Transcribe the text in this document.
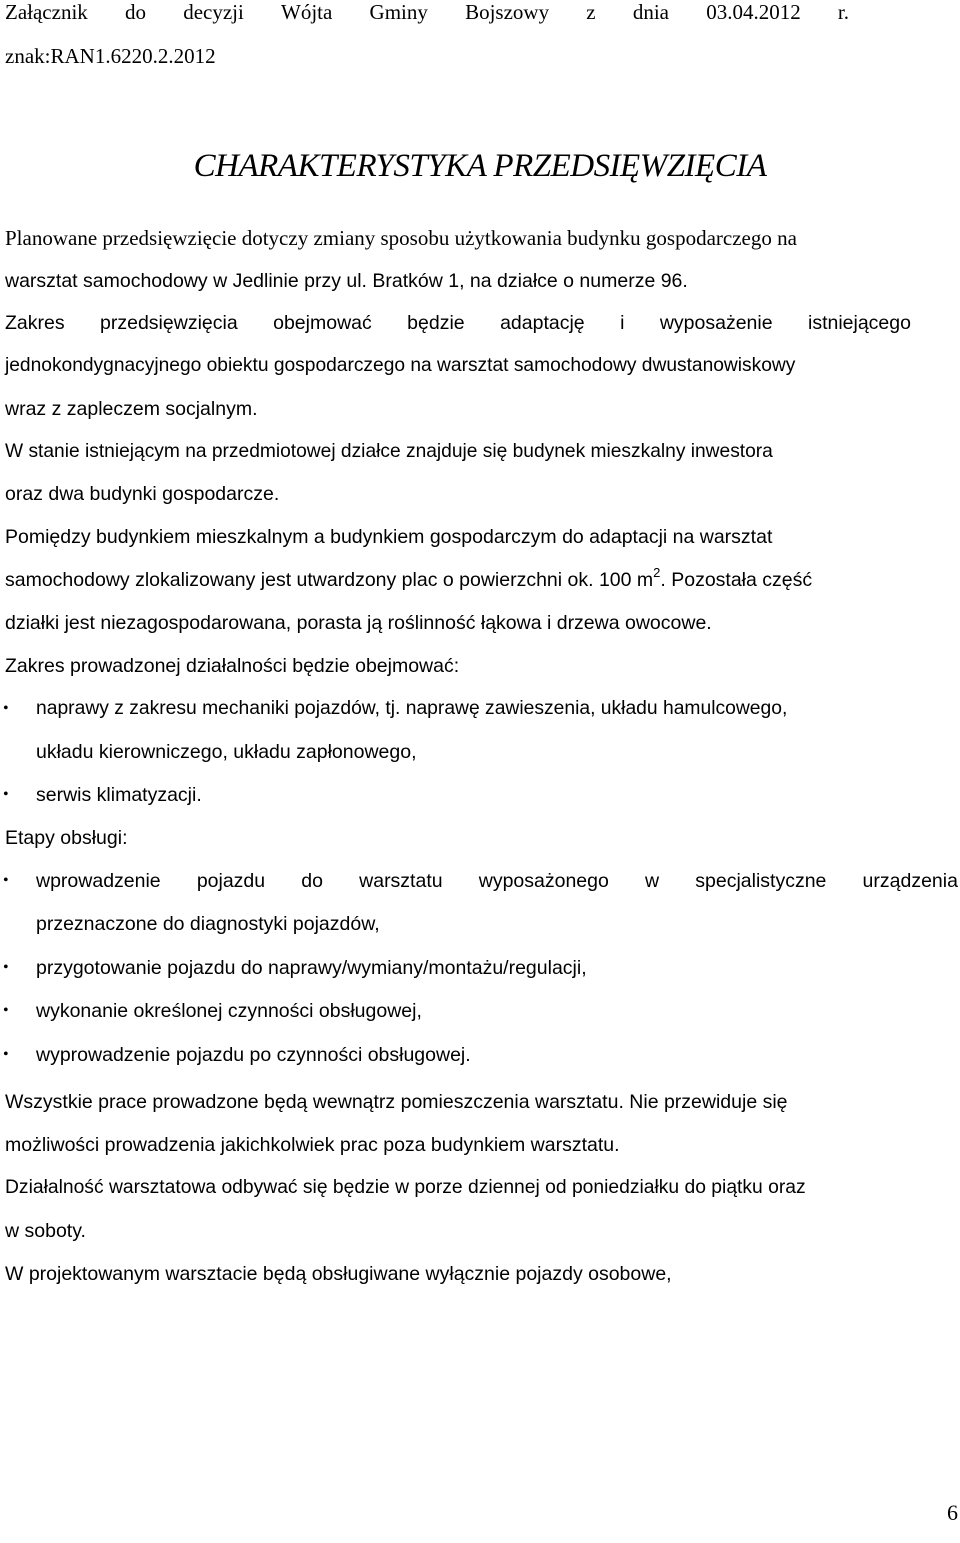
Załącznik do decyzji Wójta Gminy Bojszowy z dnia 03.04.2012 r.
znak:RAN1.6220.2.2012
CHARAKTERYSTYKA PRZEDSIĘWZIĘCIA
Planowane przedsięwzięcie dotyczy zmiany sposobu użytkowania budynku gospodarczego na
warsztat samochodowy w Jedlinie przy ul. Bratków 1, na działce o numerze 96.
Zakres przedsięwzięcia obejmować będzie adaptację i wyposażenie istniejącego
jednokondygnacyjnego obiektu gospodarczego na warsztat samochodowy dwustanowiskowy
wraz z zapleczem socjalnym.
W stanie istniejącym na przedmiotowej działce znajduje się budynek mieszkalny inwestora
oraz dwa budynki gospodarcze.
Pomiędzy budynkiem mieszkalnym a budynkiem gospodarczym do adaptacji na warsztat
samochodowy zlokalizowany jest utwardzony plac o powierzchni ok. 100 $m^2$. Pozostała część
działki jest niezagospodarowana, porasta ją roślinność łąkowa i drzewa owocowe.
Zakres prowadzonej działalności będzie obejmować:
•	naprawy z zakresu mechaniki pojazdów, tj. naprawę zawieszenia, układu hamulcowego,
układu kierowniczego, układu zapłonowego,
•	serwis klimatyzacji.
Etapy obsługi:
•	wprowadzenie pojazdu do warsztatu wyposażonego w specjalistyczne urządzenia
przeznaczone do diagnostyki pojazdów,
•	przygotowanie pojazdu do naprawy/wymiany/montażu/regulacji,
•	wykonanie określonej czynności obsługowej,
•	wyprowadzenie pojazdu po czynności obsługowej.
Wszystkie prace prowadzone będą wewnątrz pomieszczenia warsztatu. Nie przewiduje się
możliwości prowadzenia jakichkolwiek prac poza budynkiem warsztatu.
Działalność warsztatowa odbywać się będzie w porze dziennej od poniedziałku do piątku oraz
w soboty.
W projektowanym warsztacie będą obsługiwane wyłącznie pojazdy osobowe,
6
